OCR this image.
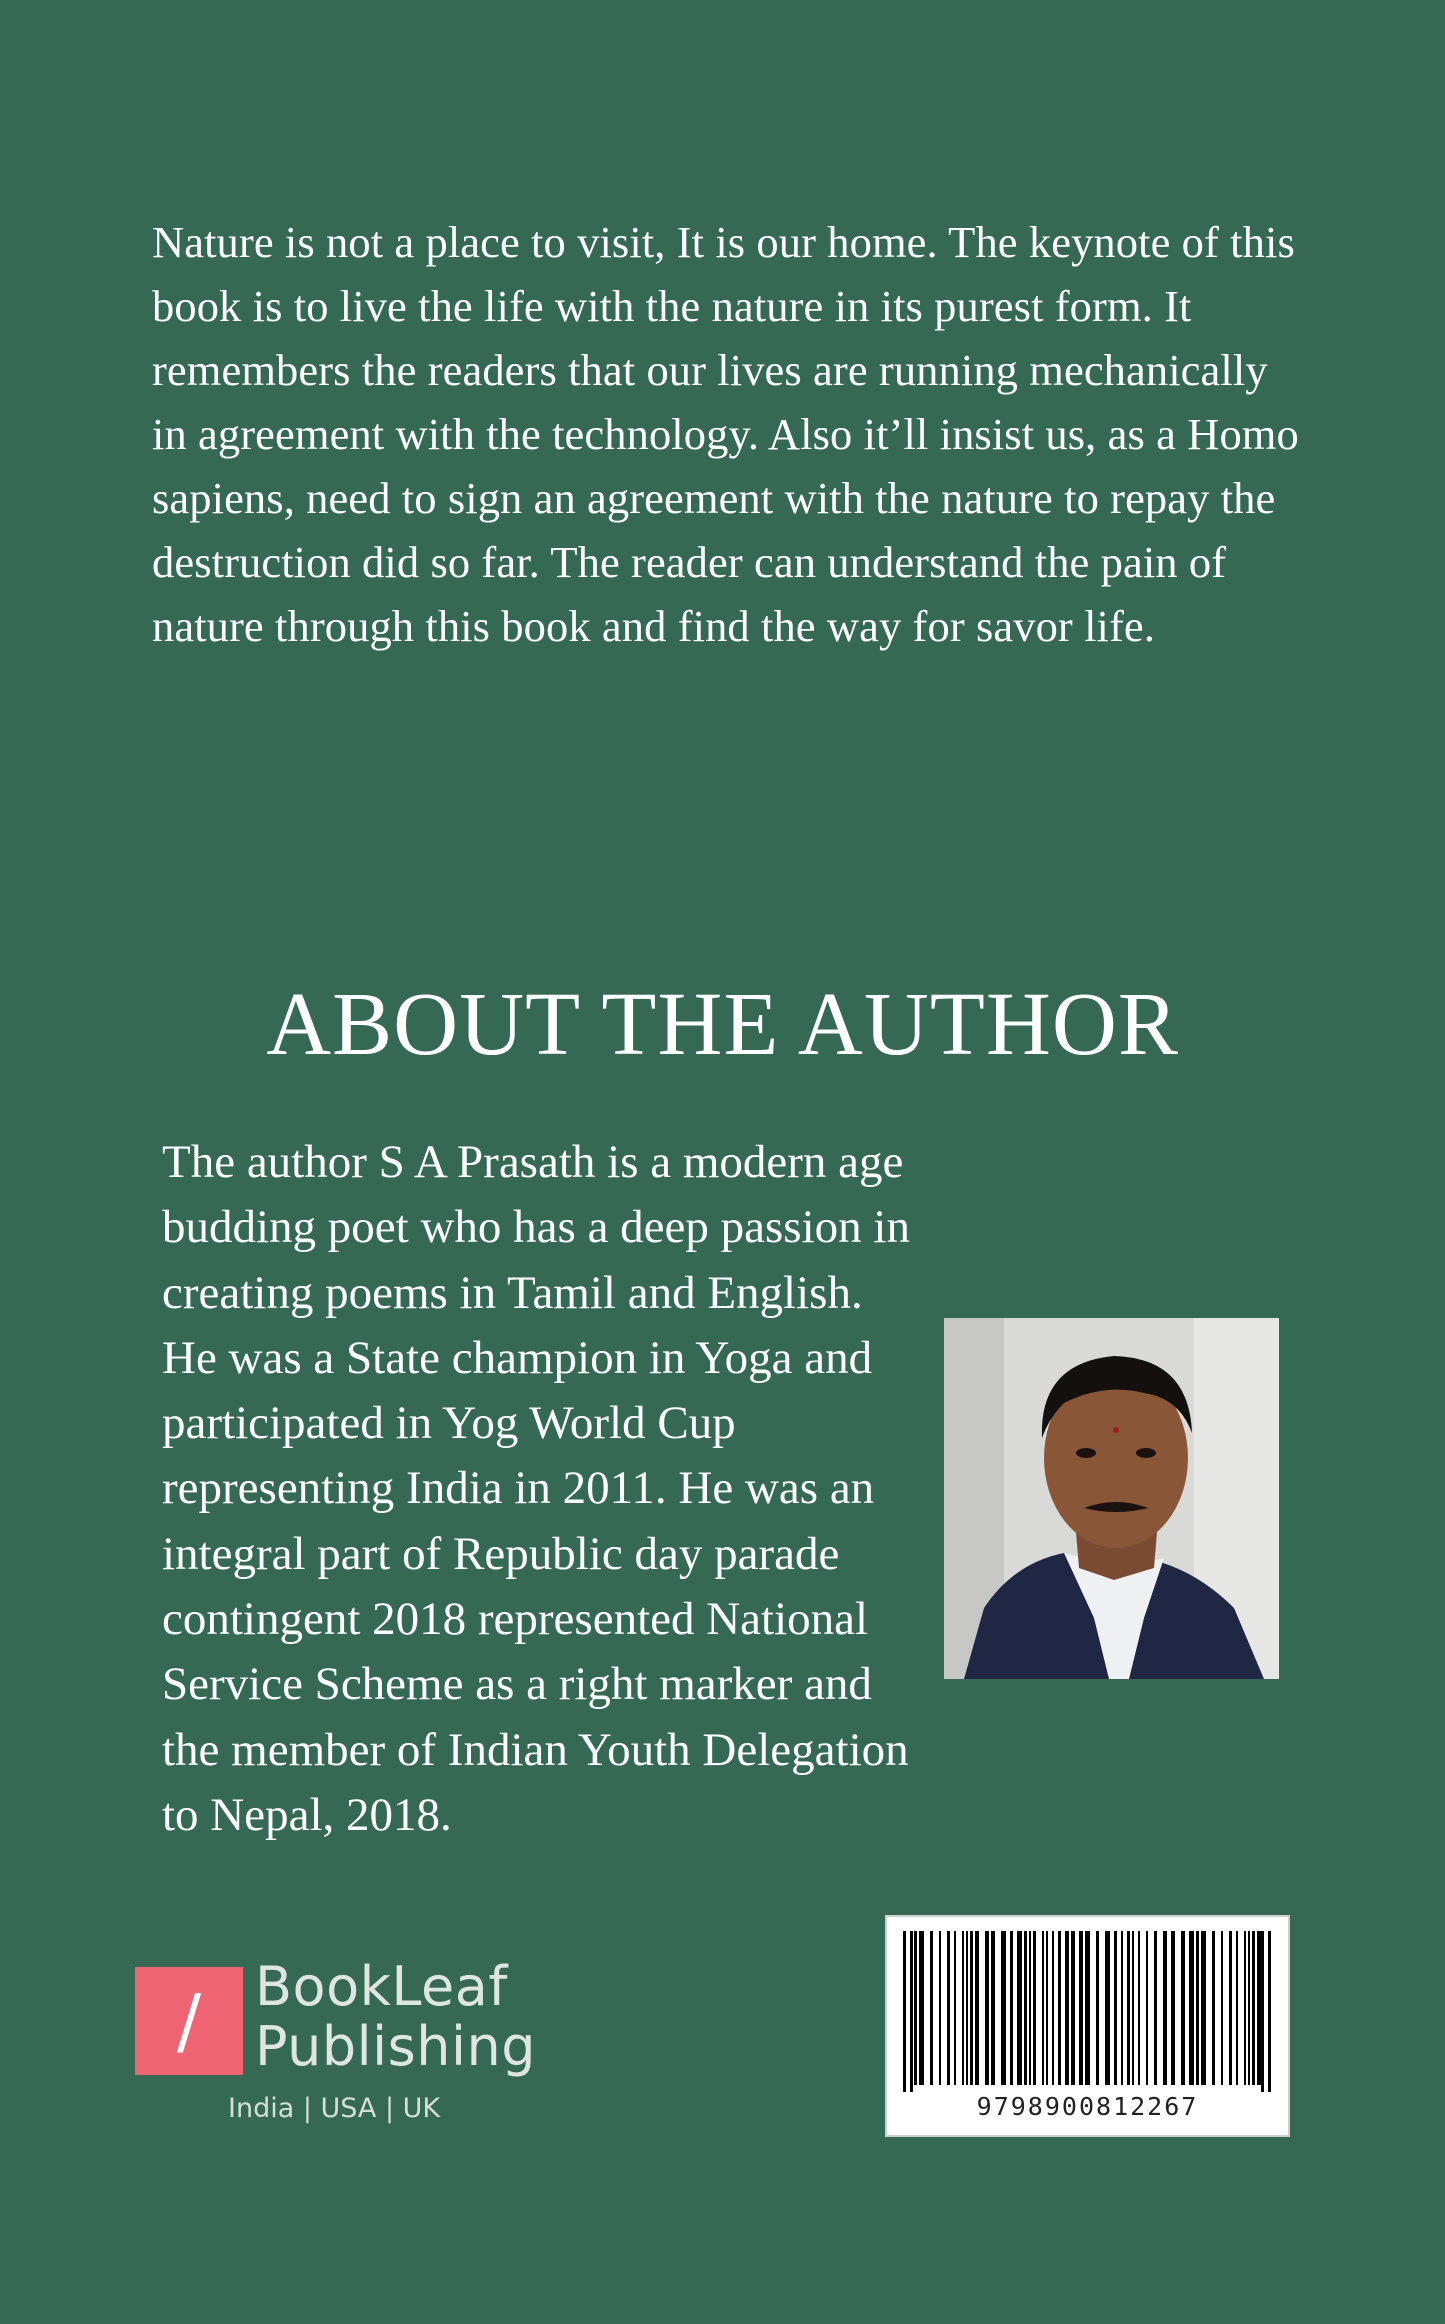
Nature is not a place to visit, It is our home. The keynote of this book is to live the life with the nature in its purest form. It remembers the readers that our lives are running mechanically in agreement with the technology. Also it’ll insist us, as a Homo sapiens, need to sign an agreement with the nature to repay the destruction did so far. The reader can understand the pain of nature through this book and find the way for savor life.

ABOUT THE AUTHOR

The author S A Prasath is a modern age budding poet who has a deep passion in creating poems in Tamil and English. He was a State champion in Yoga and participated in Yog World Cup representing India in 2011. He was an integral part of Republic day parade contingent 2018 represented National Service Scheme as a right marker and the member of Indian Youth Delegation to Nepal, 2018.

/ BookLeaf
Publishing
India | USA | UK	9798900812267
